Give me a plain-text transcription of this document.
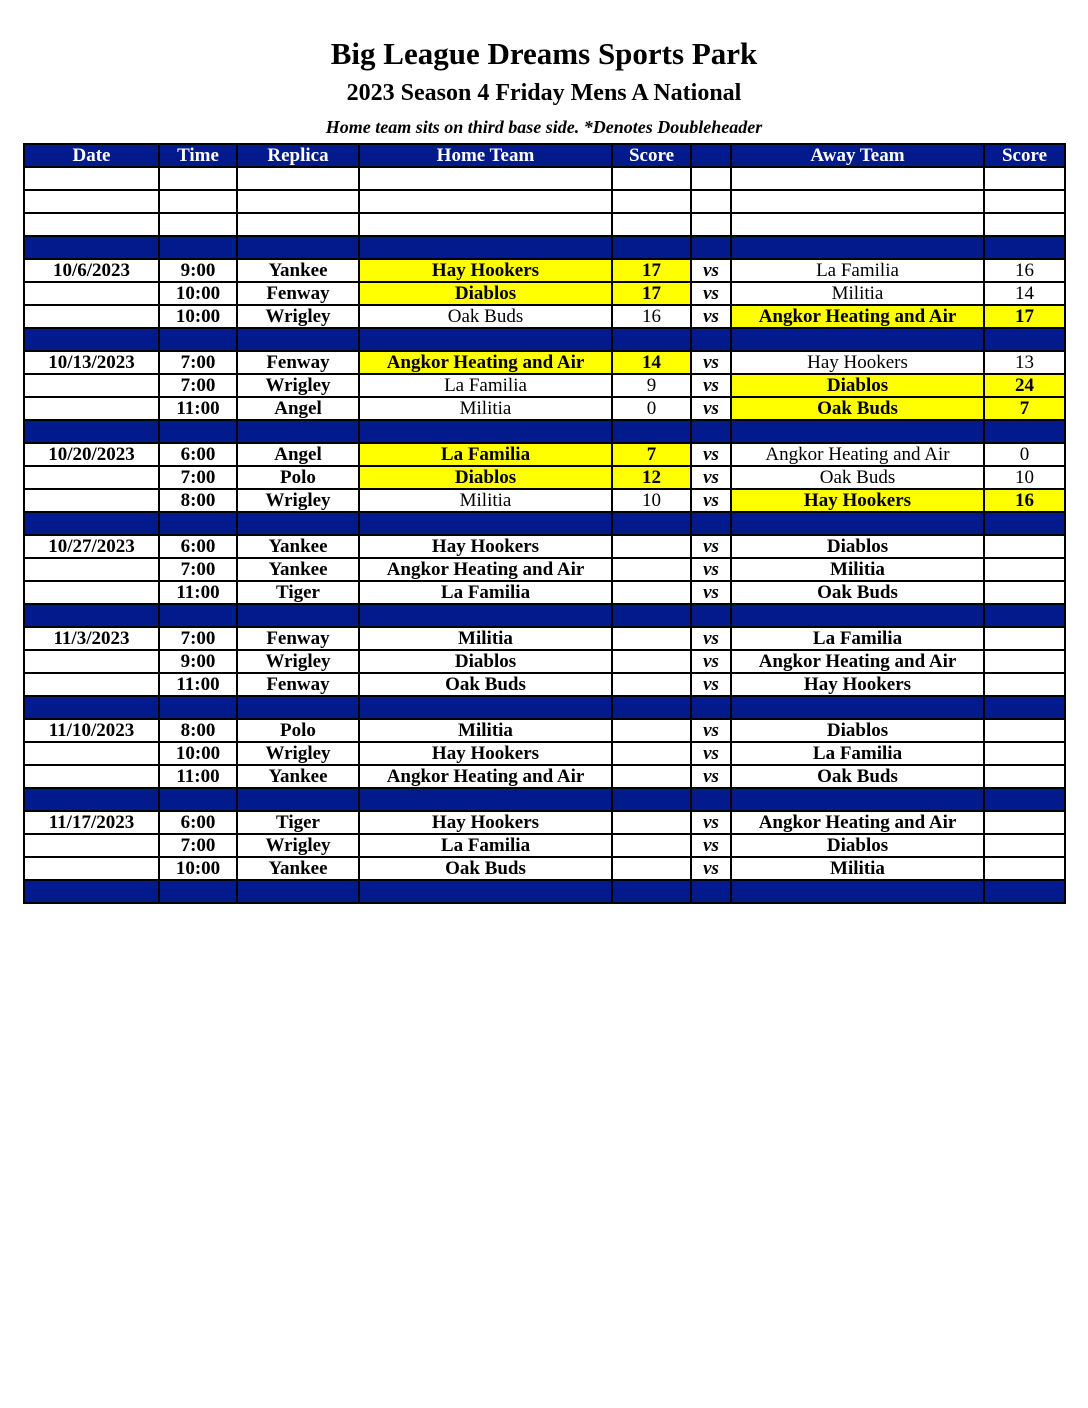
Big League Dreams Sports Park
2023 Season 4 Friday Mens A National
Home team sits on third base side. *Denotes Doubleheader
Date	Time	Replica	Home Team	Score		Away Team	Score

10/6/2023	9:00	Yankee	Hay Hookers	17	vs	La Familia	16
	10:00	Fenway	Diablos	17	vs	Militia	14
	10:00	Wrigley	Oak Buds	16	vs	Angkor Heating and Air	17

10/13/2023	7:00	Fenway	Angkor Heating and Air	14	vs	Hay Hookers	13
	7:00	Wrigley	La Familia	9	vs	Diablos	24
	11:00	Angel	Militia	0	vs	Oak Buds	7

10/20/2023	6:00	Angel	La Familia	7	vs	Angkor Heating and Air	0
	7:00	Polo	Diablos	12	vs	Oak Buds	10
	8:00	Wrigley	Militia	10	vs	Hay Hookers	16

10/27/2023	6:00	Yankee	Hay Hookers		vs	Diablos	
	7:00	Yankee	Angkor Heating and Air		vs	Militia	
	11:00	Tiger	La Familia		vs	Oak Buds	

11/3/2023	7:00	Fenway	Militia		vs	La Familia	
	9:00	Wrigley	Diablos		vs	Angkor Heating and Air	
	11:00	Fenway	Oak Buds		vs	Hay Hookers	

11/10/2023	8:00	Polo	Militia		vs	Diablos	
	10:00	Wrigley	Hay Hookers		vs	La Familia	
	11:00	Yankee	Angkor Heating and Air		vs	Oak Buds	

11/17/2023	6:00	Tiger	Hay Hookers		vs	Angkor Heating and Air	
	7:00	Wrigley	La Familia		vs	Diablos	
	10:00	Yankee	Oak Buds		vs	Militia	
